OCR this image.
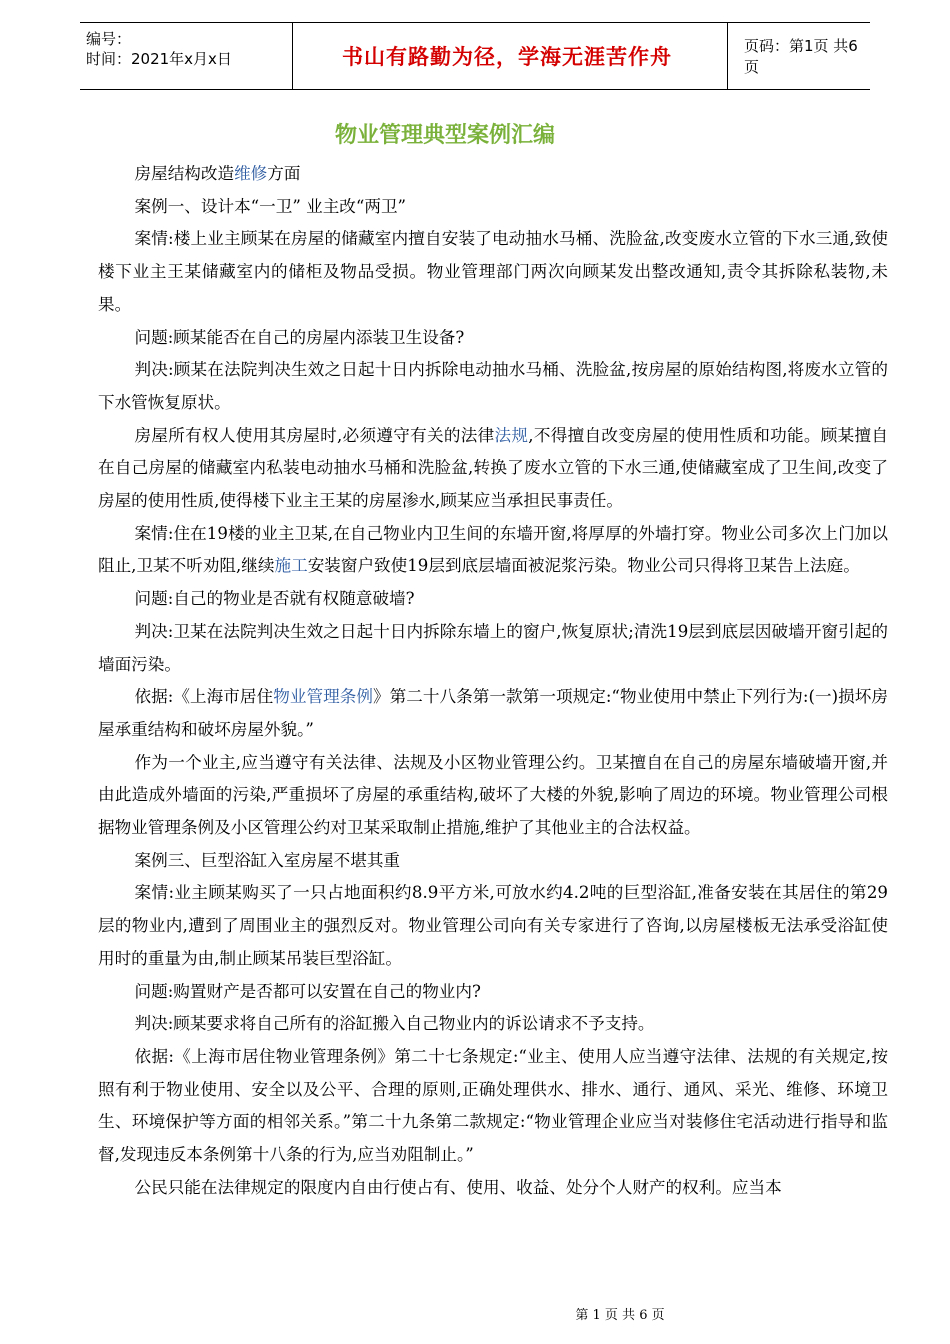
编号：
时间：2021年x月x日	书山有路勤为径，学海无涯苦作舟	页码：第1页 共6页
物业管理典型案例汇编

房屋结构改造维修方面

案例一、设计本“一卫” 业主改“两卫”

案情:楼上业主顾某在房屋的储藏室内擅自安装了电动抽水马桶、洗脸盆,改变废水立管的下水三通,致使楼下业主王某储藏室内的储柜及物品受损。物业管理部门两次向顾某发出整改通知,责令其拆除私装物,未果。

问题:顾某能否在自己的房屋内添装卫生设备?

判决:顾某在法院判决生效之日起十日内拆除电动抽水马桶、洗脸盆,按房屋的原始结构图,将废水立管的下水管恢复原状。

房屋所有权人使用其房屋时,必须遵守有关的法律法规,不得擅自改变房屋的使用性质和功能。顾某擅自在自己房屋的储藏室内私装电动抽水马桶和洗脸盆,转换了废水立管的下水三通,使储藏室成了卫生间,改变了房屋的使用性质,使得楼下业主王某的房屋渗水,顾某应当承担民事责任。

案情:住在19楼的业主卫某,在自己物业内卫生间的东墙开窗,将厚厚的外墙打穿。物业公司多次上门加以阻止,卫某不听劝阻,继续施工安装窗户致使19层到底层墙面被泥浆污染。物业公司只得将卫某告上法庭。

问题:自己的物业是否就有权随意破墙?

判决:卫某在法院判决生效之日起十日内拆除东墙上的窗户,恢复原状;清洗19层到底层因破墙开窗引起的墙面污染。

依据:《上海市居住物业管理条例》第二十八条第一款第一项规定:“物业使用中禁止下列行为:(一)损坏房屋承重结构和破坏房屋外貌。”

作为一个业主,应当遵守有关法律、法规及小区物业管理公约。卫某擅自在自己的房屋东墙破墙开窗,并由此造成外墙面的污染,严重损坏了房屋的承重结构,破坏了大楼的外貌,影响了周边的环境。物业管理公司根据物业管理条例及小区管理公约对卫某采取制止措施,维护了其他业主的合法权益。

案例三、巨型浴缸入室房屋不堪其重

案情:业主顾某购买了一只占地面积约8.9平方米,可放水约4.2吨的巨型浴缸,准备安装在其居住的第29层的物业内,遭到了周围业主的强烈反对。物业管理公司向有关专家进行了咨询,以房屋楼板无法承受浴缸使用时的重量为由,制止顾某吊装巨型浴缸。

问题:购置财产是否都可以安置在自己的物业内?

判决:顾某要求将自己所有的浴缸搬入自己物业内的诉讼请求不予支持。

依据:《上海市居住物业管理条例》第二十七条规定:“业主、使用人应当遵守法律、法规的有关规定,按照有利于物业使用、安全以及公平、合理的原则,正确处理供水、排水、通行、通风、采光、维修、环境卫生、环境保护等方面的相邻关系。”第二十九条第二款规定:“物业管理企业应当对装修住宅活动进行指导和监督,发现违反本条例第十八条的行为,应当劝阻制止。”

公民只能在法律规定的限度内自由行使占有、使用、收益、处分个人财产的权利。应当本

第 1 页 共 6 页
